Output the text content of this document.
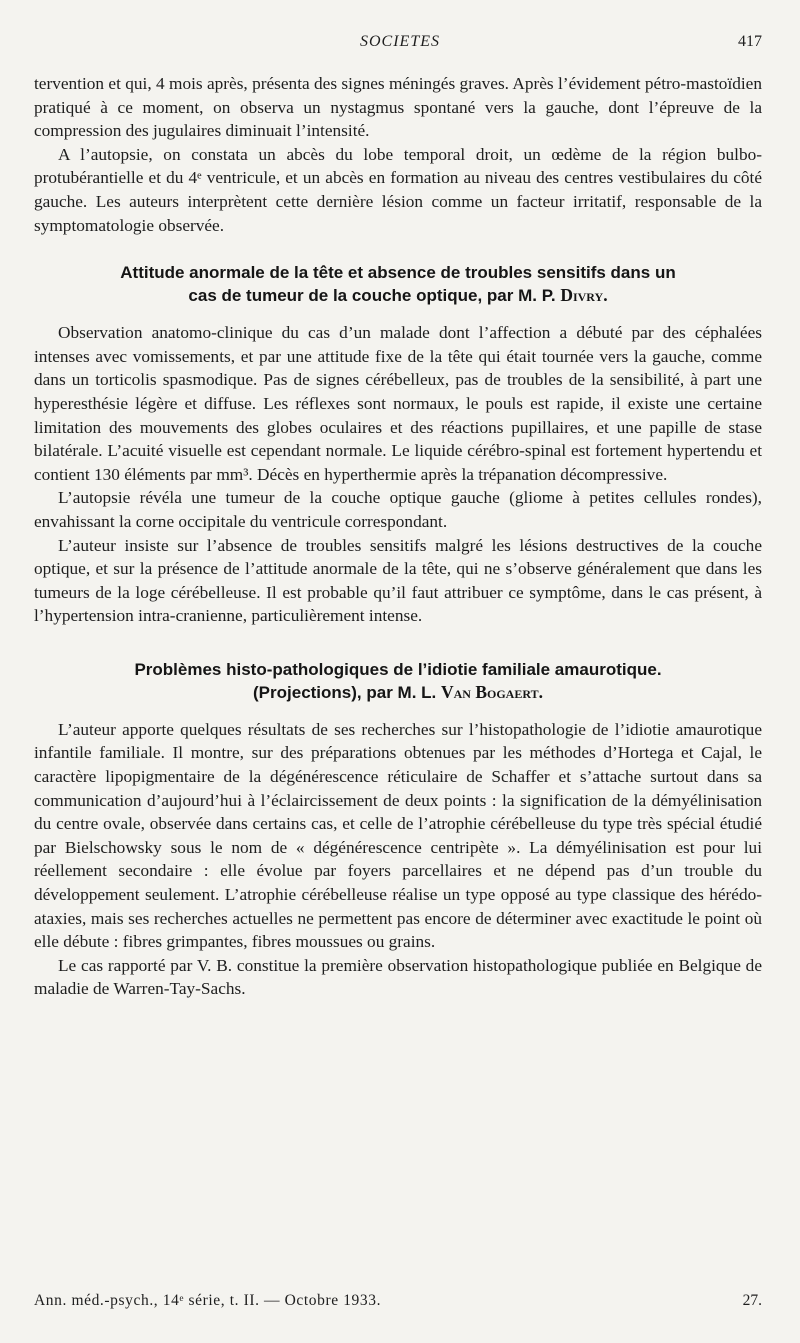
SOCIETES	417

tervention et qui, 4 mois après, présenta des signes méningés graves. Après l’évidement pétro-mastoïdien pratiqué à ce moment, on observa un nystagmus spontané vers la gauche, dont l’épreuve de la compression des jugulaires diminuait l’intensité.

A l’autopsie, on constata un abcès du lobe temporal droit, un œdème de la région bulbo-protubérantielle et du 4ᵉ ventricule, et un abcès en formation au niveau des centres vestibulaires du côté gauche. Les auteurs interprètent cette dernière lésion comme un facteur irritatif, responsable de la symptomatologie observée.

Attitude anormale de la tête et absence de troubles sensitifs dans un
cas de tumeur de la couche optique, par M. P. Divry.

Observation anatomo-clinique du cas d’un malade dont l’affection a débuté par des céphalées intenses avec vomissements, et par une attitude fixe de la tête qui était tournée vers la gauche, comme dans un torticolis spasmodique. Pas de signes cérébelleux, pas de troubles de la sensibilité, à part une hyperesthésie légère et diffuse. Les réflexes sont normaux, le pouls est rapide, il existe une certaine limitation des mouvements des globes oculaires et des réactions pupillaires, et une papille de stase bilatérale. L’acuité visuelle est cependant normale. Le liquide cérébro-spinal est fortement hypertendu et contient 130 éléments par mm³. Décès en hyperthermie après la trépanation décompressive.

L’autopsie révéla une tumeur de la couche optique gauche (gliome à petites cellules rondes), envahissant la corne occipitale du ventricule correspondant.

L’auteur insiste sur l’absence de troubles sensitifs malgré les lésions destructives de la couche optique, et sur la présence de l’attitude anormale de la tête, qui ne s’observe généralement que dans les tumeurs de la loge cérébelleuse. Il est probable qu’il faut attribuer ce symptôme, dans le cas présent, à l’hypertension intra-cranienne, particulièrement intense.

Problèmes histo-pathologiques de l’idiotie familiale amaurotique.
(Projections), par M. L. Van Bogaert.

L’auteur apporte quelques résultats de ses recherches sur l’histopathologie de l’idiotie amaurotique infantile familiale. Il montre, sur des préparations obtenues par les méthodes d’Hortega et Cajal, le caractère lipopigmentaire de la dégénérescence réticulaire de Schaffer et s’attache surtout dans sa communication d’aujourd’hui à l’éclaircissement de deux points : la signification de la démyélinisation du centre ovale, observée dans certains cas, et celle de l’atrophie cérébelleuse du type très spécial étudié par Bielschowsky sous le nom de « dégénérescence centripète ». La démyélinisation est pour lui réellement secondaire : elle évolue par foyers parcellaires et ne dépend pas d’un trouble du développement seulement. L’atrophie cérébelleuse réalise un type opposé au type classique des hérédo-ataxies, mais ses recherches actuelles ne permettent pas encore de déterminer avec exactitude le point où elle débute : fibres grimpantes, fibres moussues ou grains.

Le cas rapporté par V. B. constitue la première observation histopathologique publiée en Belgique de maladie de Warren-Tay-Sachs.

Ann. méd.-psych., 14ᵉ série, t. II. — Octobre 1933.	27.
